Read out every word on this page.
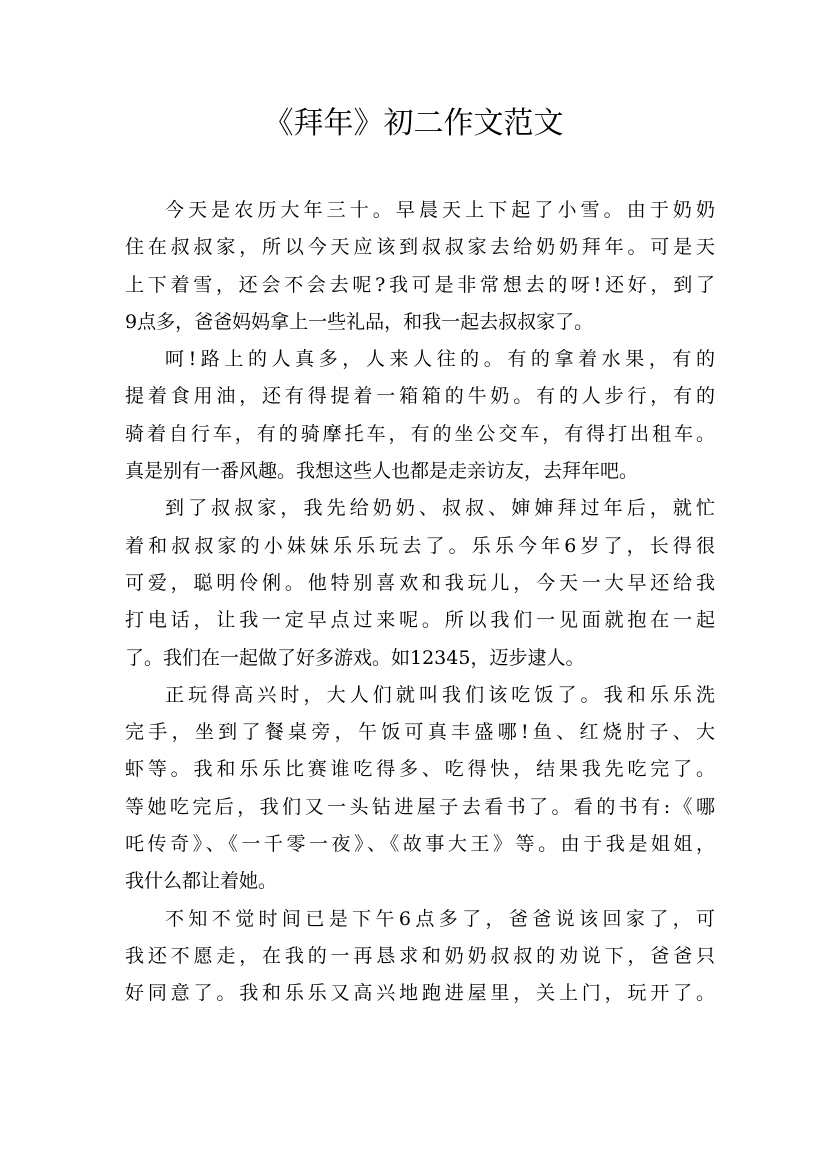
《拜年》初二作文范文
今天是农历大年三十。早晨天上下起了小雪。由于奶奶
住在叔叔家，所以今天应该到叔叔家去给奶奶拜年。可是天
上下着雪，还会不会去呢?我可是非常想去的呀!还好，到了
9点多，爸爸妈妈拿上一些礼品，和我一起去叔叔家了。
呵!路上的人真多，人来人往的。有的拿着水果，有的
提着食用油，还有得提着一箱箱的牛奶。有的人步行，有的
骑着自行车，有的骑摩托车，有的坐公交车，有得打出租车。
真是别有一番风趣。我想这些人也都是走亲访友，去拜年吧。
到了叔叔家，我先给奶奶、叔叔、婶婶拜过年后，就忙
着和叔叔家的小妹妹乐乐玩去了。乐乐今年6岁了，长得很
可爱，聪明伶俐。他特别喜欢和我玩儿，今天一大早还给我
打电话，让我一定早点过来呢。所以我们一见面就抱在一起
了。我们在一起做了好多游戏。如12345，迈步逮人。
正玩得高兴时，大人们就叫我们该吃饭了。我和乐乐洗
完手，坐到了餐桌旁，午饭可真丰盛哪!鱼、红烧肘子、大
虾等。我和乐乐比赛谁吃得多、吃得快，结果我先吃完了。
等她吃完后，我们又一头钻进屋子去看书了。看的书有:《哪
吒传奇》、《一千零一夜》、《故事大王》等。由于我是姐姐，
我什么都让着她。
不知不觉时间已是下午6点多了，爸爸说该回家了，可
我还不愿走，在我的一再恳求和奶奶叔叔的劝说下，爸爸只
好同意了。我和乐乐又高兴地跑进屋里，关上门，玩开了。
